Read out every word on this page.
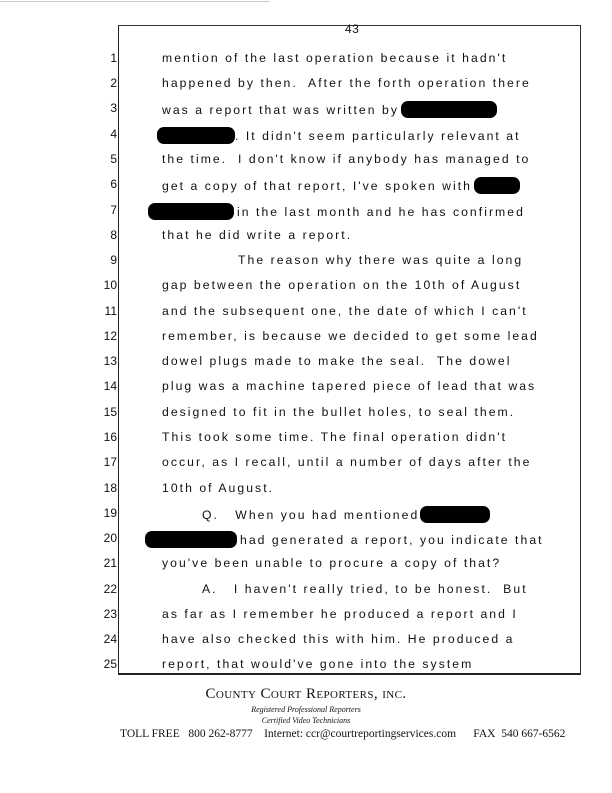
43
1	mention of the last operation because it hadn't
2	happened by then.  After the forth operation there
3	was a report that was written by
4	. It didn't seem particularly relevant at
5	the time.  I don't know if anybody has managed to
6	get a copy of that report, I've spoken with
7	in the last month and he has confirmed
8	that he did write a report.
9	The reason why there was quite a long
10	gap between the operation on the 10th of August
11	and the subsequent one, the date of which I can't
12	remember, is because we decided to get some lead
13	dowel plugs made to make the seal.  The dowel
14	plug was a machine tapered piece of lead that was
15	designed to fit in the bullet holes, to seal them.
16	This took some time. The final operation didn't
17	occur, as I recall, until a number of days after the
18	10th of August.
19	Q.   When you had mentioned
20	had generated a report, you indicate that
21	you've been unable to procure a copy of that?
22	A.   I haven't really tried, to be honest.  But
23	as far as I remember he produced a report and I
24	have also checked this with him. He produced a
25	report, that would've gone into the system
County Court Reporters, inc.
Registered Professional Reporters
Certified Video Technicians
TOLL FREE 800 262-8777 Internet: ccr@courtreportingservices.com FAX 540 667-6562
